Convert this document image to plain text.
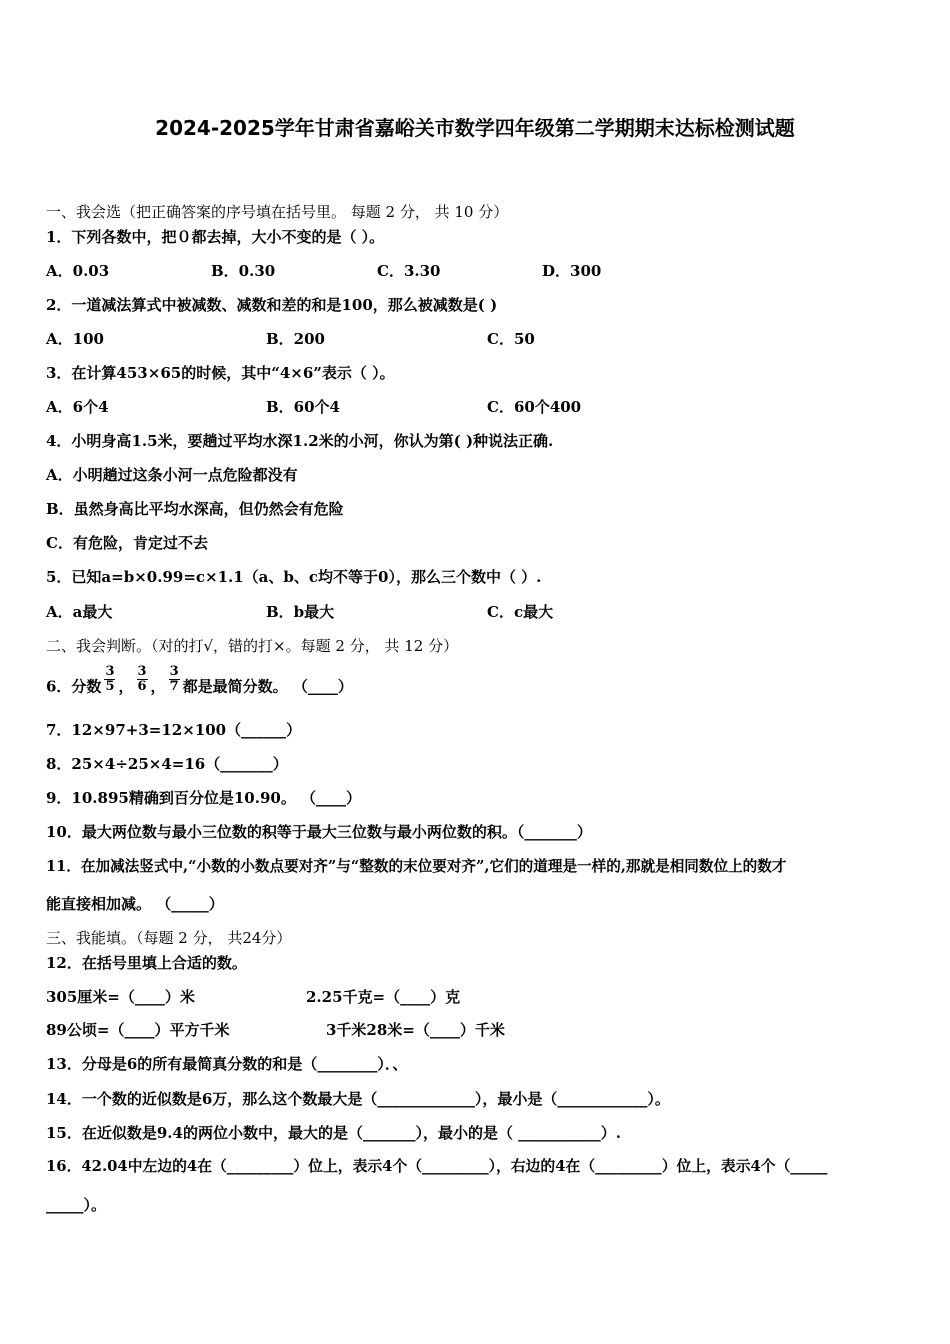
2024-2025学年甘肃省嘉峪关市数学四年级第二学期期末达标检测试题
一、我会选（把正确答案的序号填在括号里。 每题 2 分， 共 10 分）
1．下列各数中，把０都去掉，大小不变的是（ ）。
A．0.03	B．0.30	C．3.30	D．300
2．一道减法算式中被减数、减数和差的和是100，那么被减数是( )
A．100	B．200	C．50
3．在计算453×65的时候，其中“4×6”表示（ ）。
A．6个4	B．60个4	C．60个400
4．小明身高1.5米，要趟过平均水深1.2米的小河，你认为第( )种说法正确.
A．小明趟过这条小河一点危险都没有
B．虽然身高比平均水深高，但仍然会有危险
C．有危险，肯定过不去
5．已知a=b×0.99=c×1.1（a、b、c均不等于0），那么三个数中（ ）.
A．a最大	B．b最大	C．c最大
二、我会判断。（对的打√，错的打×。每题 2 分， 共 12 分）
6．分数 $\frac{3}{5}$ ， $\frac{3}{6}$ ， $\frac{3}{7}$ 都是最简分数。 （____）
7．12×97+3=12×100（______）
8．25×4÷25×4=16（_______）
9．10.895精确到百分位是10.90。 （____）
10．最大两位数与最小三位数的积等于最大三位数与最小两位数的积。（_______）
11．在加减法竖式中,“小数的小数点要对齐”与“整数的末位要对齐”,它们的道理是一样的,那就是相同数位上的数才
能直接相加减。 （_____）
三、我能填。（每题 2 分， 共24分）
12．在括号里填上合适的数。
305厘米=（____）米	2.25千克=（____）克
89公顷=（____）平方千米	3千米28米=（____）千米
13．分母是6的所有最简真分数的和是（________）．、
14．一个数的近似数是6万，那么这个数最大是（_____________），最小是（____________）。
15．在近似数是9.4的两位小数中，最大的是（_______），最小的是（ ___________）.
16．42.04中左边的4在（_________）位上，表示4个（_________），右边的4在（_________）位上，表示4个（_____
_____）。
